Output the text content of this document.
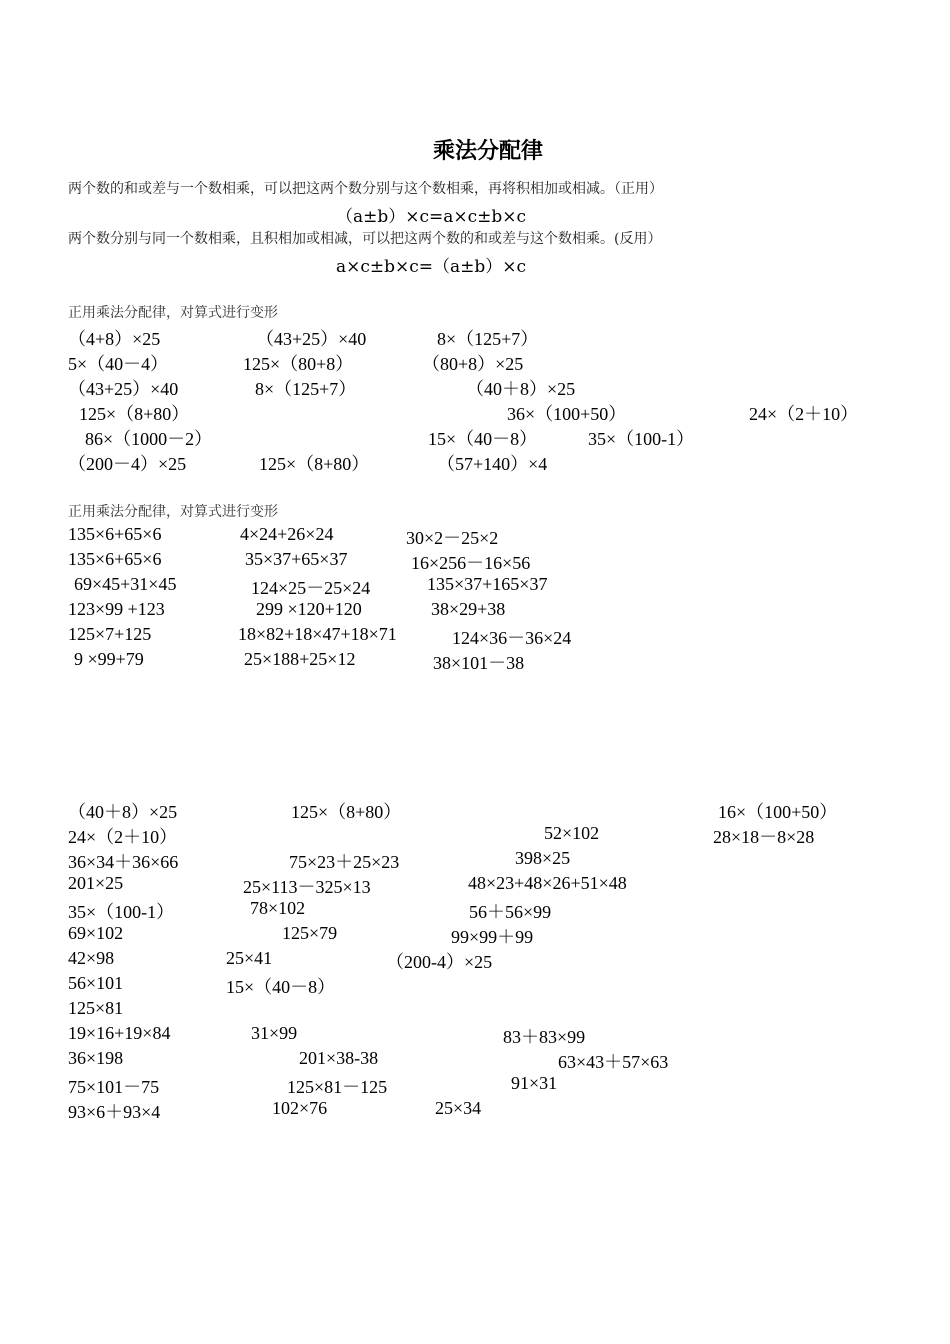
乘法分配律
两个数的和或差与一个数相乘，可以把这两个数分别与这个数相乘，再将积相加或相减。（正用）
（a±b）×c=a×c±b×c
两个数分别与同一个数相乘，且积相加或相减，可以把这两个数的和或差与这个数相乘。(反用）
a×c±b×c=（a±b）×c
正用乘法分配律，对算式进行变形
（4+8）×25	（43+25）×40	8×（125+7）
5×（40－4）	125×（80+8）	（80+8）×25
（43+25）×40	8×（125+7）	（40＋8）×25
125×（8+80）	36×（100+50）	24×（2＋10）
86×（1000－2）	15×（40－8）	35×（100-1）
（200－4）×25	125×（8+80）	（57+140）×4
正用乘法分配律，对算式进行变形
135×6+65×6	4×24+26×24	30×2－25×2
135×6+65×6	35×37+65×37	16×256－16×56
69×45+31×45	124×25－25×24	135×37+165×37
123×99 +123	299 ×120+120	38×29+38
125×7+125	18×82+18×47+18×71	124×36－36×24
9 ×99+79	25×188+25×12	38×101－38
（40＋8）×25	125×（8+80）	16×（100+50）
24×（2＋10）	52×102	28×18－8×28
36×34＋36×66	75×23＋25×23	398×25
201×25	25×113－325×13	48×23+48×26+51×48
35×（100-1）	78×102	56＋56×99
69×102	125×79	99×99＋99
42×98	25×41	（200-4）×25
56×101	15×（40－8）
125×81
19×16+19×84	31×99	83＋83×99
36×198	201×38-38	63×43＋57×63
75×101－75	125×81－125	91×31
93×6＋93×4	102×76	25×34
